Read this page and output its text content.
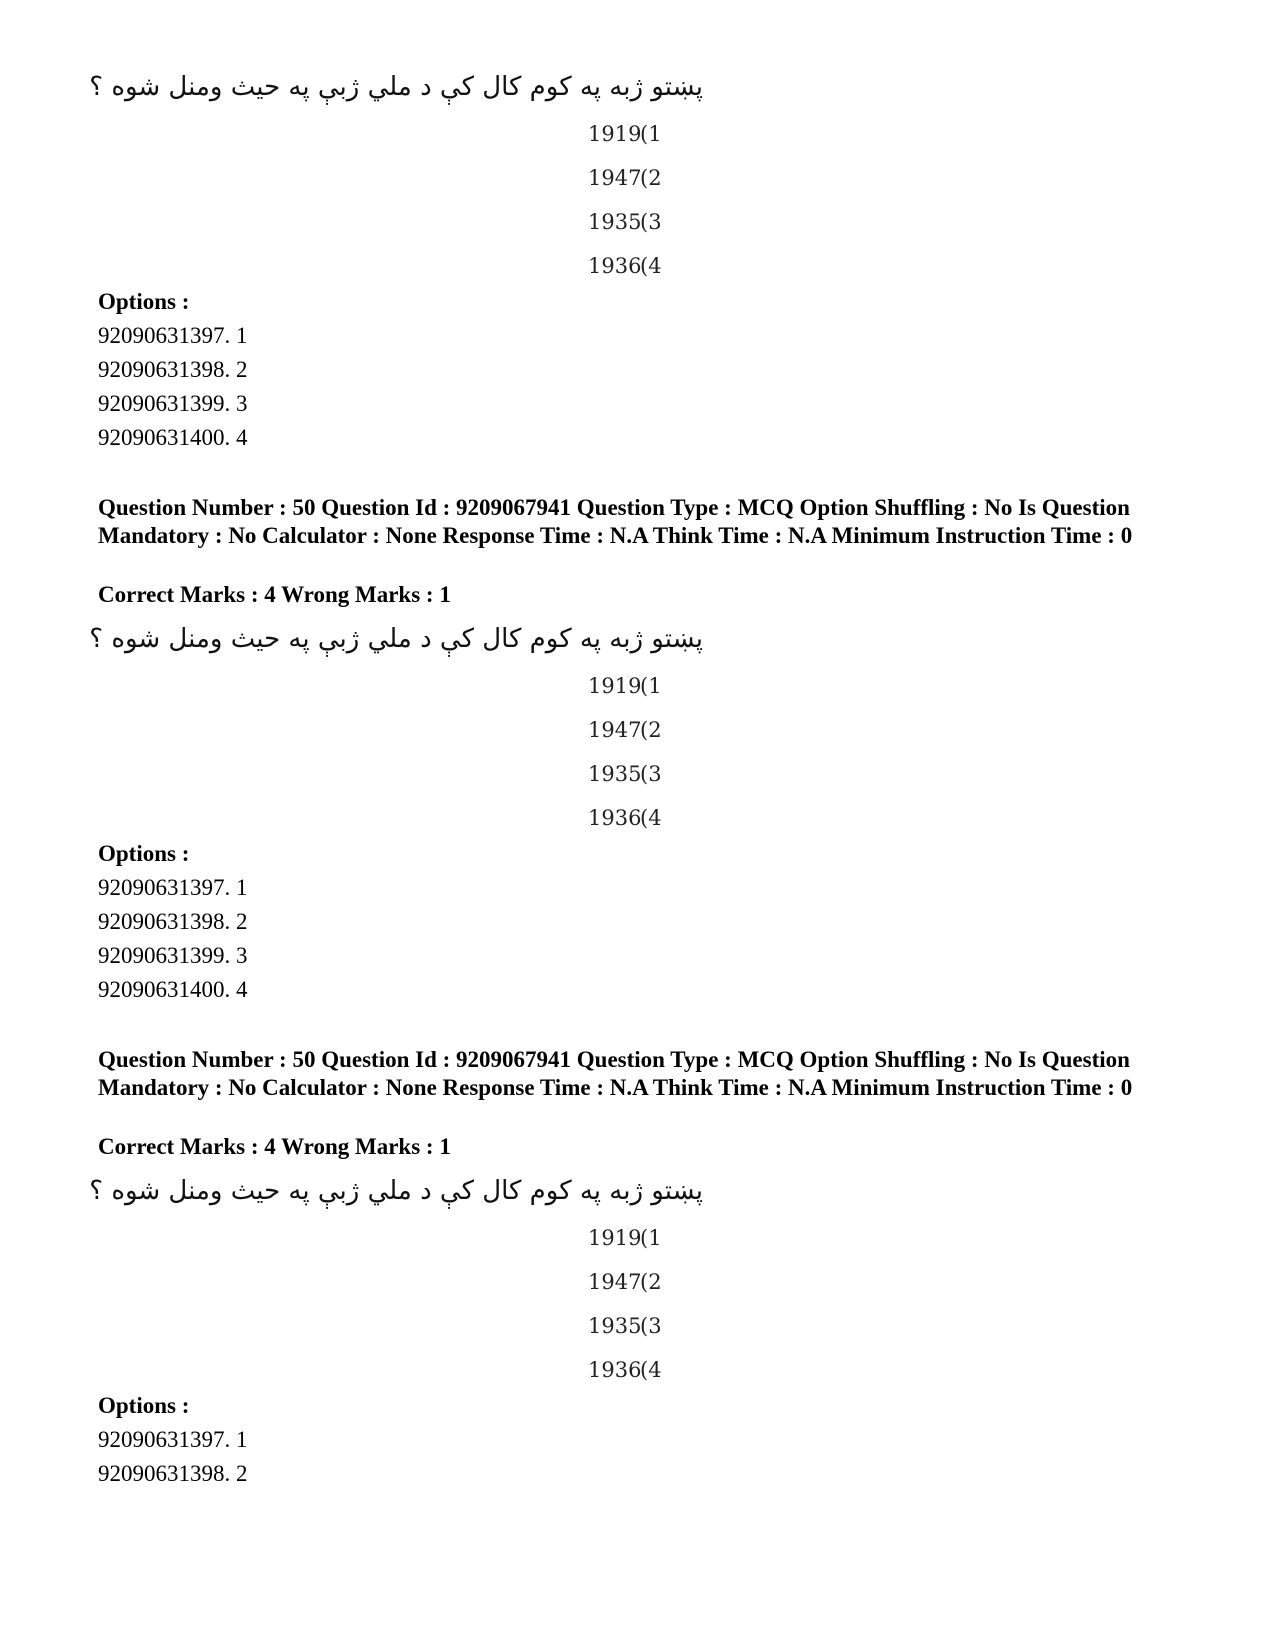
پښتو ژبه په کوم کال کې د ملي ژبې په حیث ومنل شوه ؟
1919(1
1947(2
1935(3
1936(4
Options :
92090631397. 1
92090631398. 2
92090631399. 3
92090631400. 4
Question Number : 50 Question Id : 9209067941 Question Type : MCQ Option Shuffling : No Is Question Mandatory : No Calculator : None Response Time : N.A Think Time : N.A Minimum Instruction Time : 0
Correct Marks : 4 Wrong Marks : 1
پښتو ژبه په کوم کال کې د ملي ژبې په حیث ومنل شوه ؟
1919(1
1947(2
1935(3
1936(4
Options :
92090631397. 1
92090631398. 2
92090631399. 3
92090631400. 4
Question Number : 50 Question Id : 9209067941 Question Type : MCQ Option Shuffling : No Is Question Mandatory : No Calculator : None Response Time : N.A Think Time : N.A Minimum Instruction Time : 0
Correct Marks : 4 Wrong Marks : 1
پښتو ژبه په کوم کال کې د ملي ژبې په حیث ومنل شوه ؟
1919(1
1947(2
1935(3
1936(4
Options :
92090631397. 1
92090631398. 2
